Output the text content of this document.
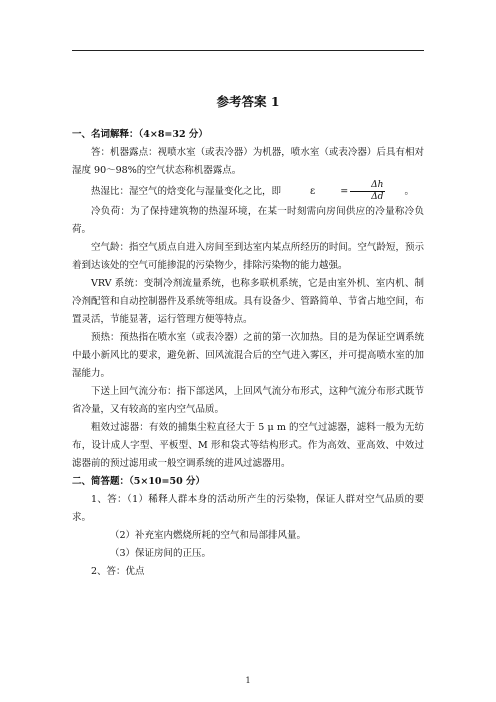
参考答案 1

一、名词解释：（4×8=32 分）

答：机器露点：视喷水室（或表冷器）为机器，喷水室（或表冷器）后具有相对湿度 90～98%的空气状态称机器露点。

热湿比：湿空气的焓变化与湿量变化之比，即	ε	= $\frac{\Delta h}{\Delta d}$	。

冷负荷：为了保持建筑物的热湿环境，在某一时刻需向房间供应的冷量称冷负荷。

空气龄：指空气质点自进入房间至到达室内某点所经历的时间。空气龄短，预示着到达该处的空气可能掺混的污染物少，排除污染物的能力越强。

VRV 系统：变制冷剂流量系统，也称多联机系统，它是由室外机、室内机、制冷剂配管和自动控制器件及系统等组成。具有设备少、管路简单、节省占地空间，布置灵活，节能显著，运行管理方便等特点。

预热：预热指在喷水室（或表冷器）之前的第一次加热。目的是为保证空调系统中最小新风比的要求，避免新、回风流混合后的空气进入雾区，并可提高喷水室的加湿能力。

下送上回气流分布：指下部送风，上回风气流分布形式，这种气流分布形式既节省冷量，又有较高的室内空气品质。

粗效过滤器：有效的捕集尘粒直径大于 5 μ m 的空气过滤器，滤料一般为无纺布，设计成人字型、平板型、M 形和袋式等结构形式。作为高效、亚高效、中效过滤器前的预过滤用或一般空调系统的进风过滤器用。

二、简答题：（5×10=50 分）

1、答：（1）稀释人群本身的活动所产生的污染物，保证人群对空气品质的要求。

（2）补充室内燃烧所耗的空气和局部排风量。

（3）保证房间的正压。

2、答：优点

1
